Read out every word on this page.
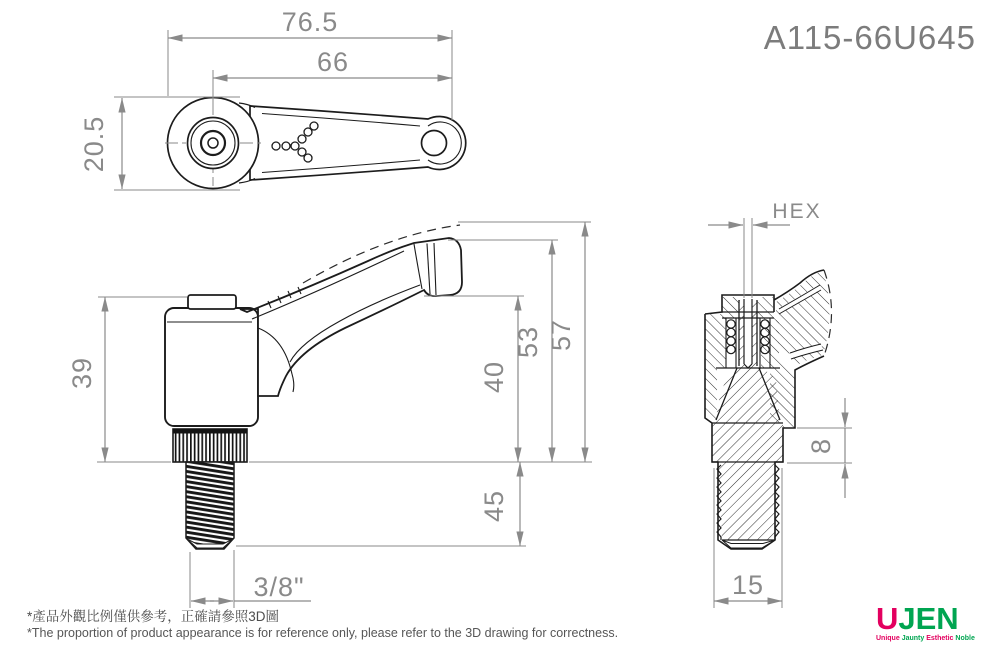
76.5
66
20.5
39	40
53 57
45
3/8"
HEX
8
15
A115-66U645
*產品外觀比例僅供參考，正確請參照3D圖
*The proportion of product appearance is for reference only, please refer to the 3D drawing for correctness.	UJEN
Unique Jaunty Esthetic Noble
